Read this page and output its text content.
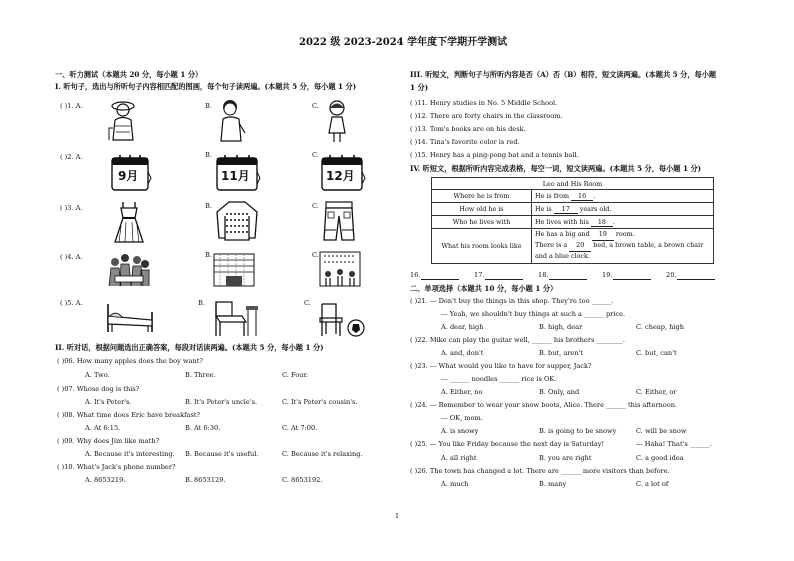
2022 级 2023-2024 学年度下学期开学测试
一、听力测试（本题共 20 分，每小题 1 分）
I. 听句子，选出与所听句子内容相匹配的图画，每个句子读两遍。(本题共 5 分，每小题 1 分)
( )1. A.	B.	C.
( )2. A.	B.	C.
9月	11月	12月
( )3. A.	B.	C.
( )4. A.	B.	C.
( )5. A.	B.	C.
II. 听对话，根据问题选出正确答案，每段对话读两遍。(本题共 5 分，每小题 1 分)
( )06. How many apples does the boy want?
A. Two.	B. Three.	C. Four.
( )07. Whose dog is this?
A. It's Peter's.	B. It's Peter's uncle's.	C. It's Peter's cousin's.
( )08. What time does Eric have breakfast?
A. At 6:15.	B. At 6:30.	C. At 7:00.
( )09. Why does Jim like math?
A. Because it's interesting. B. Because it's useful.	C. Because it's relaxing.
( )10. What's Jack's phone number?
A. 8653219.	B. 8653129.	C. 8653192.
III. 听短文，判断句子与所听内容是否（A）否（B）相符，短文读两遍。(本题共 5 分，每小题
1 分)
( )11. Henry studies in No. 5 Middle School.
( )12. There are forty chairs in the classroom.
( )13. Tom's books are on his desk.
( )14. Tina's favorite color is red.
( )15. Henry has a ping-pong bat and a tennis ball.
IV. 听短文，根据所听内容完成表格，每空一词，短文读两遍。(本题共 5 分，每小题 1 分)
Leo and His Room	
Where he is from	He is from 16 .
How old he is	He is 17 years old.
Who he lives with	He lives with his 18 .
What his room looks like	He has a big and 19 room.
There is a 20 bed, a brown table, a brown chair
and a blue clock.
16.	17.	18.	19.	20.
二、单项选择（本题共 10 分，每小题 1 分）
( )21. --- Don't buy the things in this shop. They're too ______.
--- Yeah, we shouldn't buy things at such a ______ price.
A. dear, high	B. high, dear	C. cheap, high
( )22. Mike can play the guitar well, ______ his brothers ________.
A. and, don't	B. but, aren't	C. but, can't
( )23. --- What would you like to have for supper, Jack?
--- ______ noodles ______ rice is OK.
A. Either, no	B. Only, and	C. Either, or
( )24. --- Remember to wear your snow boots, Alice. There ______ this afternoon.
--- OK, mom.
A. is snowy	B. is going to be snowy	C. will be snow
( )25. --- You like Friday because the next day is Saturday!	--- Haha! That's ______.
A. all right	B. you are right	C. a good idea
( )26. The town has changed a lot. There are ______ more visitors than before.
A. much	B. many	C. a lot of
1
